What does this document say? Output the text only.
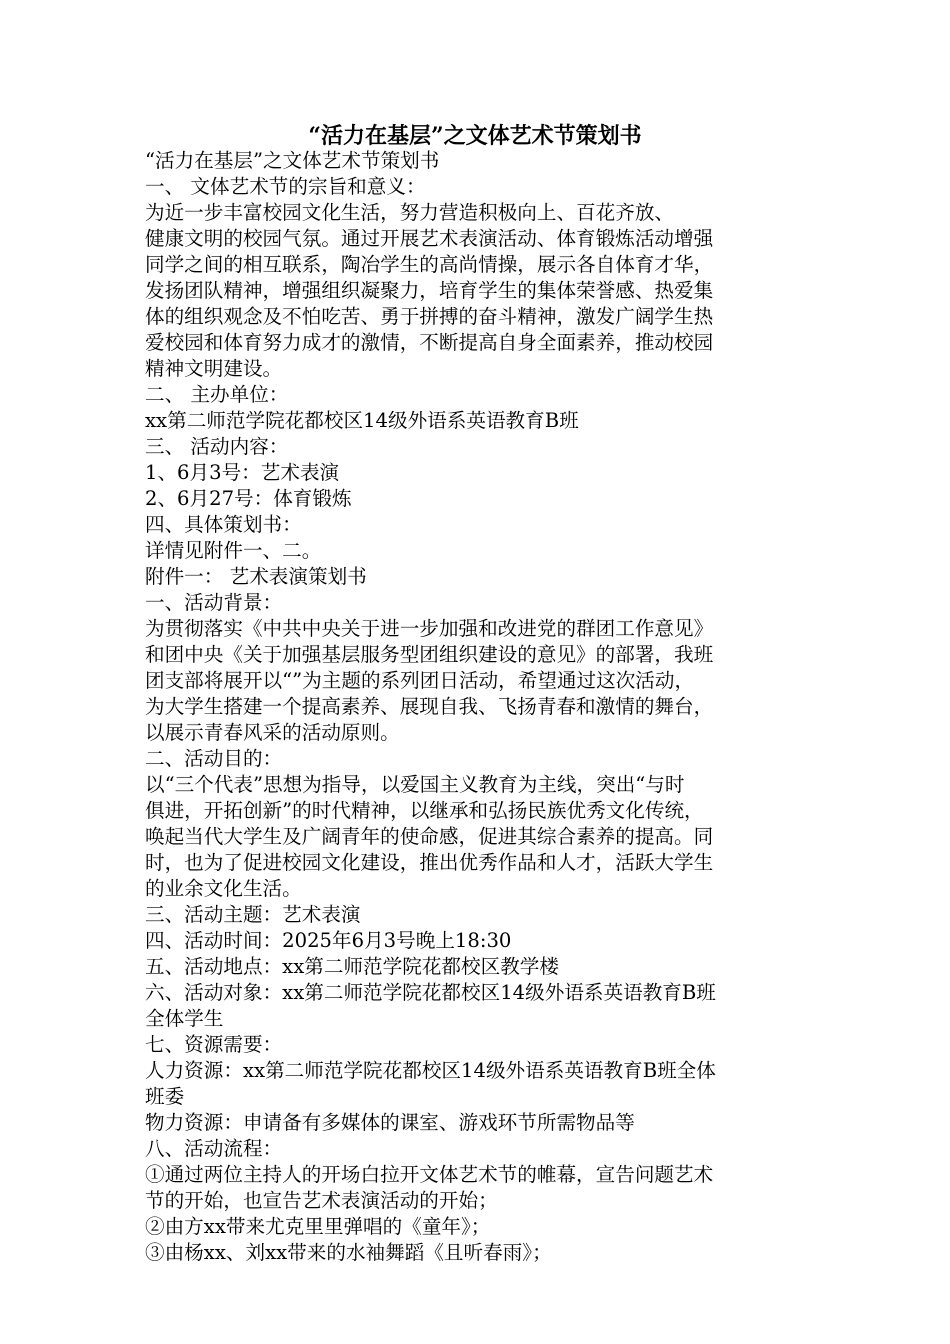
“活力在基层”之文体艺术节策划书
“活力在基层”之文体艺术节策划书
一、 文体艺术节的宗旨和意义：
为近一步丰富校园文化生活，努力营造积极向上、百花齐放、
健康文明的校园气氛。通过开展艺术表演活动、体育锻炼活动增强
同学之间的相互联系，陶冶学生的高尚情操，展示各自体育才华，
发扬团队精神，增强组织凝聚力，培育学生的集体荣誉感、热爱集
体的组织观念及不怕吃苦、勇于拼搏的奋斗精神，激发广阔学生热
爱校园和体育努力成才的激情，不断提高自身全面素养，推动校园
精神文明建设。
二、 主办单位：
xx第二师范学院花都校区14级外语系英语教育B班
三、 活动内容：
1、6月3号：艺术表演
2、6月27号：体育锻炼
四、具体策划书：
详情见附件一、二。
附件一： 艺术表演策划书
一、活动背景：
为贯彻落实《中共中央关于进一步加强和改进党的群团工作意见》
和团中央《关于加强基层服务型团组织建设的意见》的部署，我班
团支部将展开以“”为主题的系列团日活动，希望通过这次活动，
为大学生搭建一个提高素养、展现自我、飞扬青春和激情的舞台，
以展示青春风采的活动原则。
二、活动目的：
以“三个代表”思想为指导，以爱国主义教育为主线，突出“与时
俱进，开拓创新”的时代精神，以继承和弘扬民族优秀文化传统，
唤起当代大学生及广阔青年的使命感，促进其综合素养的提高。同
时，也为了促进校园文化建设，推出优秀作品和人才，活跃大学生
的业余文化生活。
三、活动主题：艺术表演
四、活动时间：2025年6月3号晚上18:30
五、活动地点：xx第二师范学院花都校区教学楼
六、活动对象：xx第二师范学院花都校区14级外语系英语教育B班
全体学生
七、资源需要：
人力资源：xx第二师范学院花都校区14级外语系英语教育B班全体
班委
物力资源：申请备有多媒体的课室、游戏环节所需物品等
八、活动流程：
①通过两位主持人的开场白拉开文体艺术节的帷幕，宣告问题艺术
节的开始，也宣告艺术表演活动的开始；
②由方xx带来尤克里里弹唱的《童年》；
③由杨xx、刘xx带来的水袖舞蹈《且听春雨》；
